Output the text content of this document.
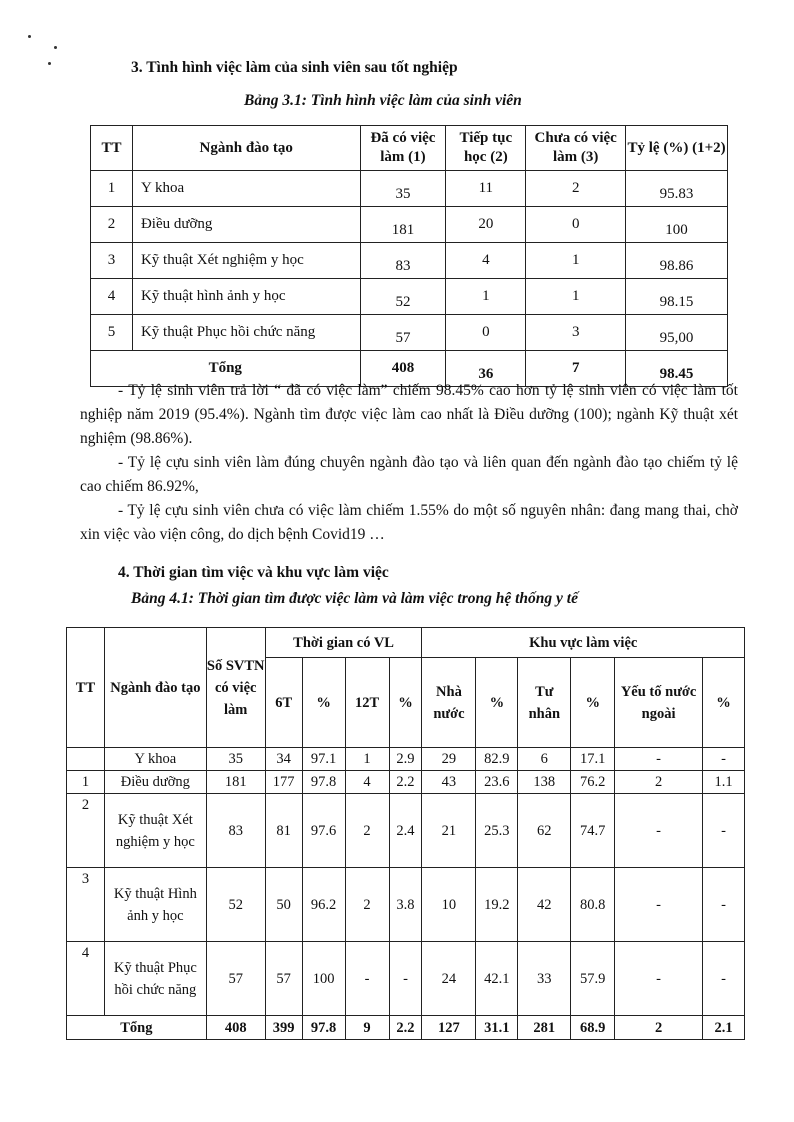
3. Tình hình việc làm của sinh viên sau tốt nghiệp
Bảng 3.1: Tình hình việc làm của sinh viên
TT	Ngành đào tạo	Đã có việc làm (1)	Tiếp tục học (2)	Chưa có việc làm (3)	Tỷ lệ (%) (1+2)
1	Y khoa	35	11	2	95.83
2	Điều dưỡng	181	20	0	100
3	Kỹ thuật Xét nghiệm y học	83	4	1	98.86
4	Kỹ thuật hình ảnh y học	52	1	1	98.15
5	Kỹ thuật Phục hồi chức năng	57	0	3	95,00
Tổng		408	36	7	98.45

- Tỷ lệ sinh viên trả lời “ đã có việc làm” chiếm 98.45% cao hơn tỷ lệ sinh viên có việc làm tốt nghiệp năm 2019 (95.4%). Ngành tìm được việc làm cao nhất là Điều dưỡng (100); ngành Kỹ thuật xét nghiệm (98.86%).

- Tỷ lệ cựu sinh viên làm đúng chuyên ngành đào tạo và liên quan đến ngành đào tạo chiếm tỷ lệ cao chiếm 86.92%,

- Tỷ lệ cựu sinh viên chưa có việc làm chiếm 1.55% do một số nguyên nhân: đang mang thai, chờ xin việc vào viện công, do dịch bệnh Covid19 …

4. Thời gian tìm việc và khu vực làm việc
Bảng 4.1: Thời gian tìm được việc làm và làm việc trong hệ thống y tế
TT	Ngành đào tạo	Số SVTN có việc làm	Thời gian có VL				Khu vực làm việc					
			6T	%	12T	%	Nhà nước	%	Tư nhân	%	Yếu tố nước ngoài	%
	Y khoa	35	34	97.1	1	2.9	29	82.9	6	17.1	-	-
1	Điều dưỡng	181	177	97.8	4	2.2	43	23.6	138	76.2	2	1.1
2	Kỹ thuật Xét nghiệm y học	83	81	97.6	2	2.4	21	25.3	62	74.7	-	-
3	Kỹ thuật Hình ảnh y học	52	50	96.2	2	3.8	10	19.2	42	80.8	-	-
4	Kỹ thuật Phục hồi chức năng	57	57	100	-	-	24	42.1	33	57.9	-	-
Tổng		408	399	97.8	9	2.2	127	31.1	281	68.9	2	2.1
